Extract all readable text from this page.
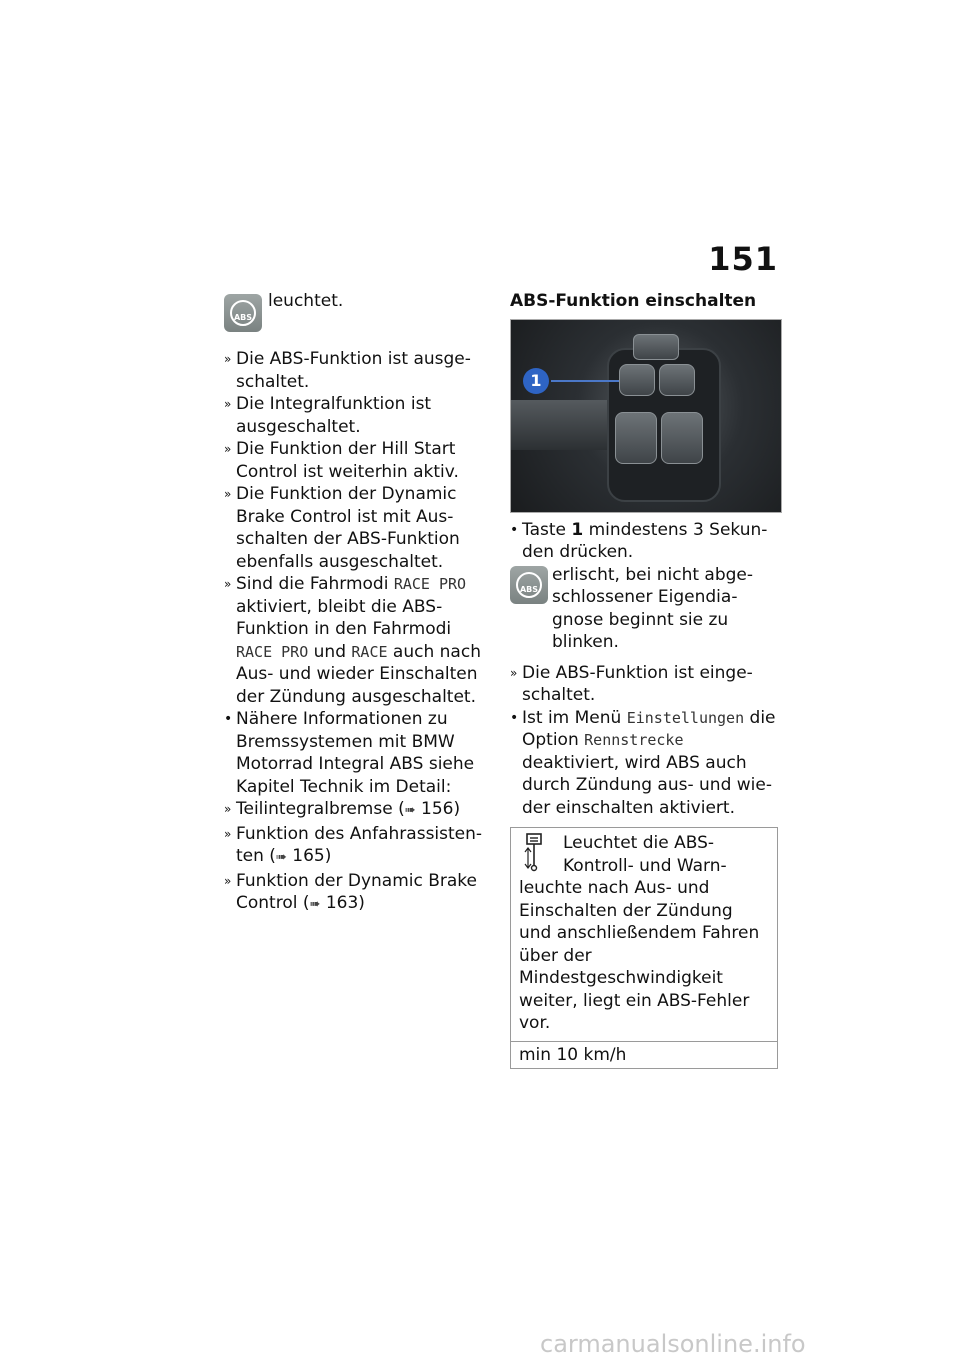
151
ABS
leuchtet.
» Die ABS-Funktion ist ausgeschaltet.
» Die Integralfunktion ist ausgeschaltet.
» Die Funktion der Hill Start Control ist weiterhin aktiv.
» Die Funktion der Dynamic Brake Control ist mit Ausschalten der ABS-Funktion ebenfalls ausgeschaltet.
» Sind die Fahrmodi RACE PRO aktiviert, bleibt die ABS-Funktion in den Fahrmodi RACE PRO und RACE auch nach Aus- und wieder Einschalten der Zündung ausgeschaltet.
• Nähere Informationen zu Bremssystemen mit BMW Motorrad Integral ABS siehe Kapitel Technik im Detail:
» Teilintegralbremse (➠ 156)
» Funktion des Anfahrassistenten (➠ 165)
» Funktion der Dynamic Brake Control (➠ 163)
ABS-Funktion einschalten
1
• Taste 1 mindestens 3 Sekunden drücken.
ABS
erlischt, bei nicht abgeschlossener Eigendiagnose beginnt sie zu blinken.
» Die ABS-Funktion ist eingeschaltet.
• Ist im Menü Einstellungen die Option Rennstrecke deaktiviert, wird ABS auch durch Zündung aus- und wieder einschalten aktiviert.
Leuchtet die ABS-Kontroll- und Warnleuchte nach Aus- und Einschalten der Zündung und anschließendem Fahren über der Mindestgeschwindigkeit weiter, liegt ein ABS-Fehler vor.
min 10 km/h
carmanualsonline.info
